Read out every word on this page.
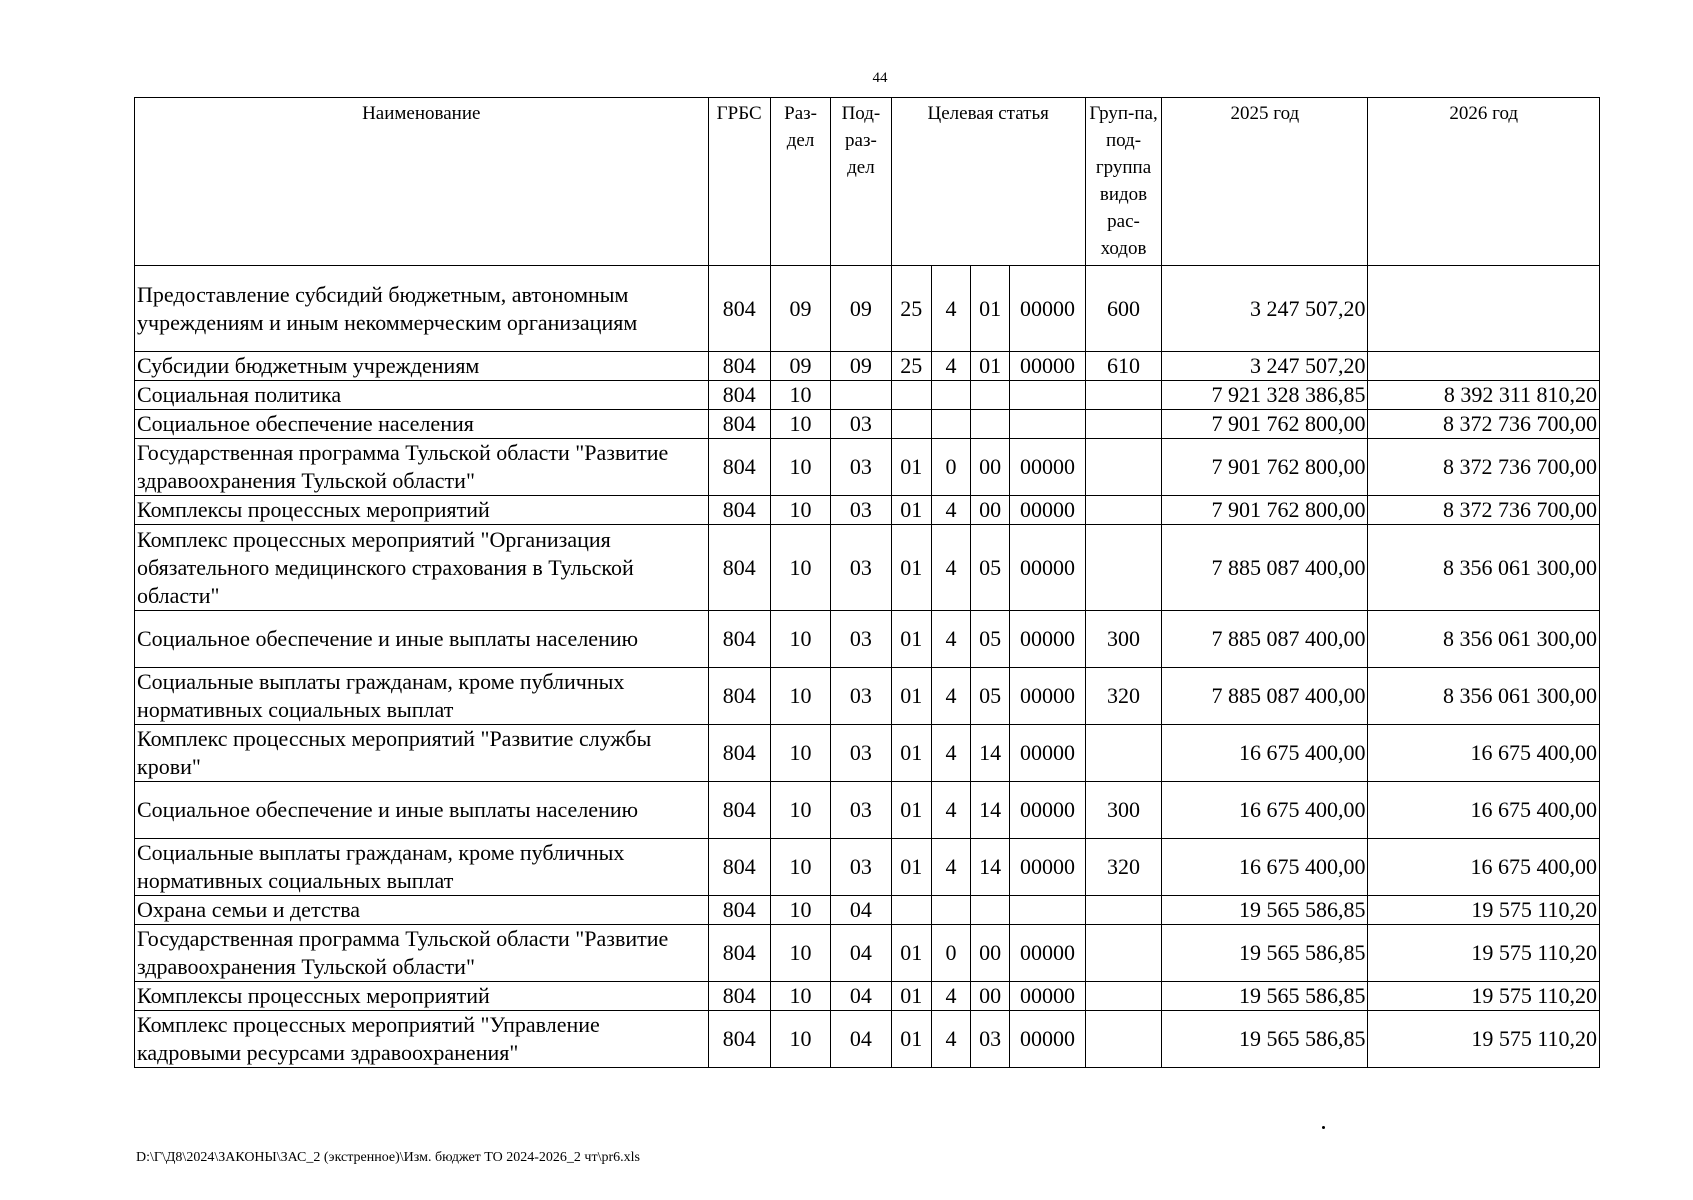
44
Наименование	ГРБС	Раз-дел	Под-раз-дел	Целевая статья				Груп-па, под-группа видов рас-ходов	2025 год	2026 год
Предоставление субсидий бюджетным, автономным учреждениям и иным некоммерческим организациям	804	09	09	25	4	01	00000	600	3 247 507,20	
Субсидии бюджетным учреждениям	804	09	09	25	4	01	00000	610	3 247 507,20	
Социальная политика	804	10							7 921 328 386,85	8 392 311 810,20
Социальное обеспечение населения	804	10	03						7 901 762 800,00	8 372 736 700,00
Государственная программа Тульской области "Развитие здравоохранения Тульской области"	804	10	03	01	0	00	00000		7 901 762 800,00	8 372 736 700,00
Комплексы процессных мероприятий	804	10	03	01	4	00	00000		7 901 762 800,00	8 372 736 700,00
Комплекс процессных мероприятий "Организация обязательного медицинского страхования в Тульской области"	804	10	03	01	4	05	00000		7 885 087 400,00	8 356 061 300,00
Социальное обеспечение и иные выплаты населению	804	10	03	01	4	05	00000	300	7 885 087 400,00	8 356 061 300,00
Социальные выплаты гражданам, кроме публичных нормативных социальных выплат	804	10	03	01	4	05	00000	320	7 885 087 400,00	8 356 061 300,00
Комплекс процессных мероприятий "Развитие службы крови"	804	10	03	01	4	14	00000		16 675 400,00	16 675 400,00
Социальное обеспечение и иные выплаты населению	804	10	03	01	4	14	00000	300	16 675 400,00	16 675 400,00
Социальные выплаты гражданам, кроме публичных нормативных социальных выплат	804	10	03	01	4	14	00000	320	16 675 400,00	16 675 400,00
Охрана семьи и детства	804	10	04						19 565 586,85	19 575 110,20
Государственная программа Тульской области "Развитие здравоохранения Тульской области"	804	10	04	01	0	00	00000		19 565 586,85	19 575 110,20
Комплексы процессных мероприятий	804	10	04	01	4	00	00000		19 565 586,85	19 575 110,20
Комплекс процессных мероприятий "Управление кадровыми ресурсами здравоохранения"	804	10	04	01	4	03	00000		19 565 586,85	19 575 110,20
D:\Г\Д8\2024\ЗАКОНЫ\ЗАС_2 (экстренное)\Изм. бюджет ТО 2024-2026_2 чт\pr6.xls
